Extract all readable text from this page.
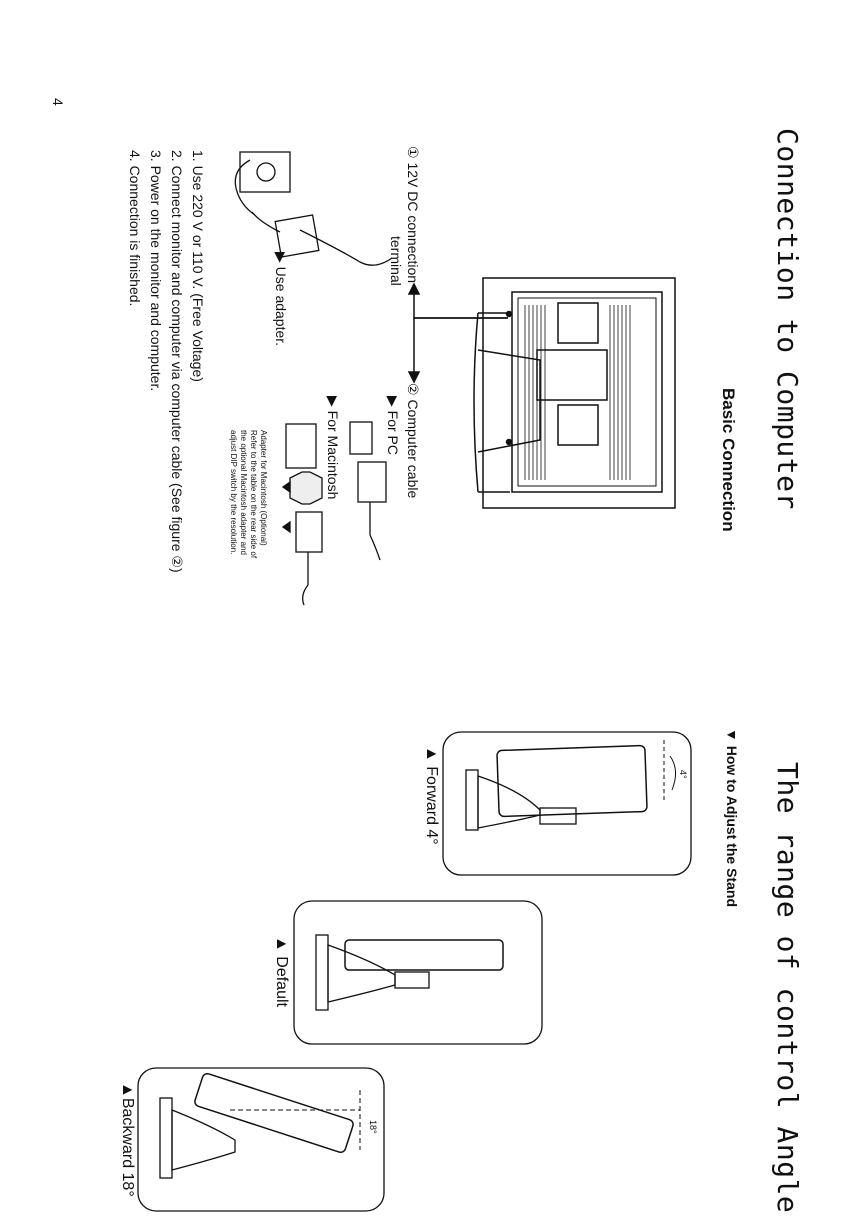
4
Connection to Computer
The range of control Angle
Basic Connection
▼ How to Adjust the Stand
① 12V DC connection
terminal
▶ Use adapter.
② Computer cable
▶ For PC
▶ For Macintosh
Adapter for Macintosh (Optional)
Refer to the table on the rear side of
the optional Macintosh adapter and
adjust DIP switch by the resolution.
1. Use 220 V or 110 V. (Free Voltage)
2. Connect monitor and computer via computer cable (See figure ②)
3. Power on the monitor and computer.
4. Connection is finished.
▲ Forward 4°
▲ Default
▲Backward 18°
4°
18°
